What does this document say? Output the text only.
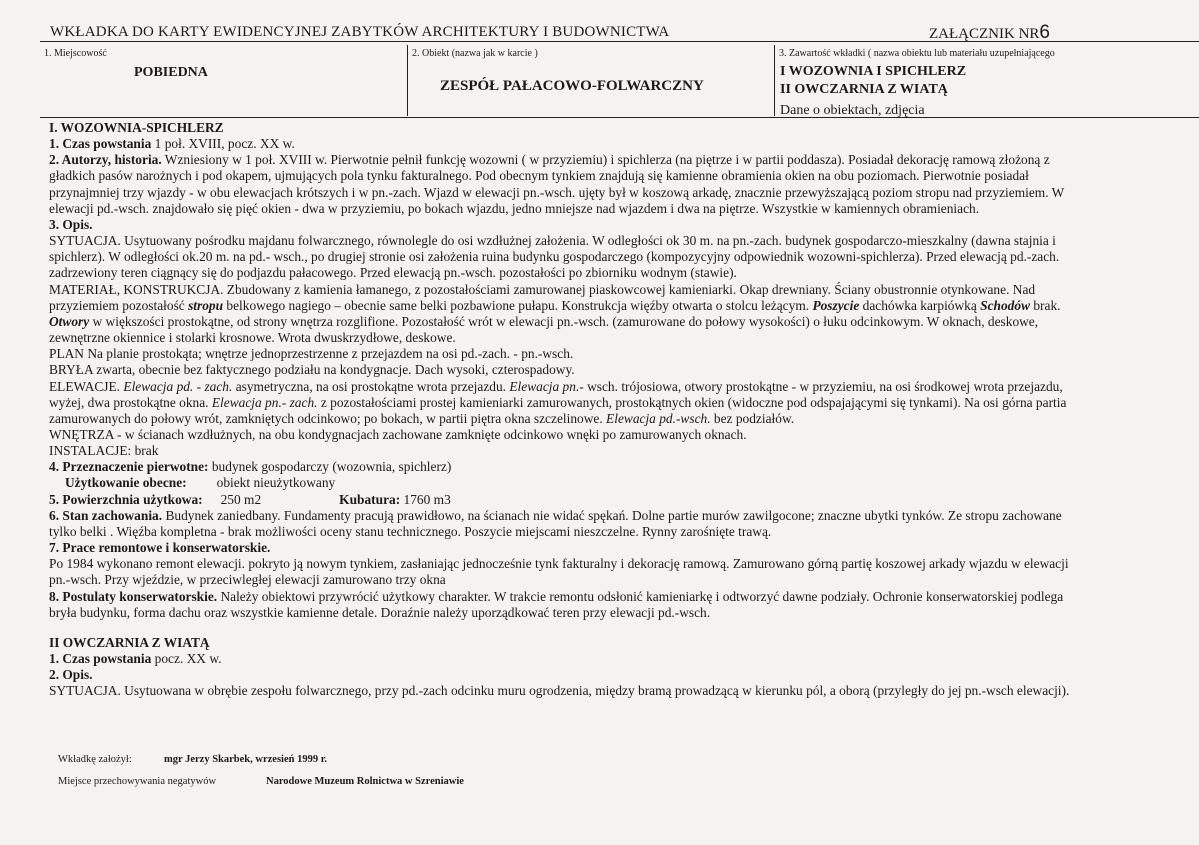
WKŁADKA DO KARTY EWIDENCYJNEJ ZABYTKÓW ARCHITEKTURY I BUDOWNICTWA	ZAŁĄCZNIK NR6
1. Miejscowość
POBIEDNA
2. Obiekt (nazwa jak w karcie )
ZESPÓŁ PAŁACOWO-FOLWARCZNY
3. Zawartość wkładki ( nazwa obiektu lub materiału uzupełniającego
I WOZOWNIA I SPICHLERZ
II OWCZARNIA Z WIATĄ
Dane o obiektach, zdjęcia

I. WOZOWNIA-SPICHLERZ

1. Czas powstania 1 poł. XVIII, pocz. XX w.

2. Autorzy, historia. Wzniesiony w 1 poł. XVIII w. Pierwotnie pełnił funkcję wozowni ( w przyziemiu) i spichlerza (na piętrze i w partii poddasza). Posiadał dekorację ramową złożoną z gładkich pasów narożnych i pod okapem, ujmujących pola tynku fakturalnego. Pod obecnym tynkiem znajdują się kamienne obramienia okien na obu poziomach. Pierwotnie posiadał przynajmniej trzy wjazdy - w obu elewacjach krótszych i w pn.-zach. Wjazd w elewacji pn.-wsch. ujęty był w koszową arkadę, znacznie przewyższającą poziom stropu nad przyziemiem. W elewacji pd.-wsch. znajdowało się pięć okien - dwa w przyziemiu, po bokach wjazdu, jedno mniejsze nad wjazdem i dwa na piętrze. Wszystkie w kamiennych obramieniach.

3. Opis.

SYTUACJA. Usytuowany pośrodku majdanu folwarcznego, równolegle do osi wzdłużnej założenia. W odległości ok 30 m. na pn.-zach. budynek gospodarczo-mieszkalny (dawna stajnia i spichlerz). W odległości ok.20 m. na pd.- wsch., po drugiej stronie osi założenia ruina budynku gospodarczego (kompozycyjny odpowiednik wozowni-spichlerza). Przed elewacją pd.-zach. zadrzewiony teren ciągnący się do podjazdu pałacowego. Przed elewacją pn.-wsch. pozostałości po zbiorniku wodnym (stawie).

MATERIAŁ, KONSTRUKCJA. Zbudowany z kamienia łamanego, z pozostałościami zamurowanej piaskowcowej kamieniarki. Okap drewniany. Ściany obustronnie otynkowane. Nad przyziemiem pozostałość stropu belkowego nagiego – obecnie same belki pozbawione pułapu. Konstrukcja więźby otwarta o stolcu leżącym. Poszycie dachówka karpiówką Schodów brak. Otwory w większości prostokątne, od strony wnętrza rozglifione. Pozostałość wrót w elewacji pn.-wsch. (zamurowane do połowy wysokości) o łuku odcinkowym. W oknach, deskowe, zewnętrzne okiennice i stolarki krosnowe. Wrota dwuskrzydłowe, deskowe.

PLAN Na planie prostokąta; wnętrze jednoprzestrzenne z przejazdem na osi pd.-zach. - pn.-wsch.

BRYŁA zwarta, obecnie bez faktycznego podziału na kondygnacje. Dach wysoki, czterospadowy.

ELEWACJE. Elewacja pd. - zach. asymetryczna, na osi prostokątne wrota przejazdu. Elewacja pn.- wsch. trójosiowa, otwory prostokątne - w przyziemiu, na osi środkowej wrota przejazdu, wyżej, dwa prostokątne okna. Elewacja pn.- zach. z pozostałościami prostej kamieniarki zamurowanych, prostokątnych okien (widoczne pod odspajającymi się tynkami). Na osi górna partia zamurowanych do połowy wrót, zamkniętych odcinkowo; po bokach, w partii piętra okna szczelinowe. Elewacja pd.-wsch. bez podziałów.

WNĘTRZA - w ścianach wzdłużnych, na obu kondygnacjach zachowane zamknięte odcinkowo wnęki po zamurowanych oknach.

INSTALACJE: brak

4. Przeznaczenie pierwotne: budynek gospodarczy (wozownia, spichlerz)

Użytkowanie obecne: obiekt nieużytkowany

5. Powierzchnia użytkowa: 250 m2	Kubatura: 1760 m3

6. Stan zachowania. Budynek zaniedbany. Fundamenty pracują prawidłowo, na ścianach nie widać spękań. Dolne partie murów zawilgocone; znaczne ubytki tynków. Ze stropu zachowane tylko belki . Więźba kompletna - brak możliwości oceny stanu technicznego. Poszycie miejscami nieszczelne. Rynny zarośnięte trawą.

7. Prace remontowe i konserwatorskie.

Po 1984 wykonano remont elewacji. pokryto ją nowym tynkiem, zasłaniając jednocześnie tynk fakturalny i dekorację ramową. Zamurowano górną partię koszowej arkady wjazdu w elewacji pn.-wsch. Przy wjeździe, w przeciwległej elewacji zamurowano trzy okna

8. Postulaty konserwatorskie. Należy obiektowi przywrócić użytkowy charakter. W trakcie remontu odsłonić kamieniarkę i odtworzyć dawne podziały. Ochronie konserwatorskiej podlega bryła budynku, forma dachu oraz wszystkie kamienne detale. Doraźnie należy uporządkować teren przy elewacji pd.-wsch.

II OWCZARNIA Z WIATĄ

1. Czas powstania pocz. XX w.

2. Opis.

SYTUACJA. Usytuowana w obrębie zespołu folwarcznego, przy pd.-zach odcinku muru ogrodzenia, między bramą prowadzącą w kierunku pól, a oborą (przyległy do jej pn.-wsch elewacji).

Wkładkę założył:	mgr Jerzy Skarbek, wrzesień 1999 r.
Miejsce przechowywania negatywów	Narodowe Muzeum Rolnictwa w Szreniawie
